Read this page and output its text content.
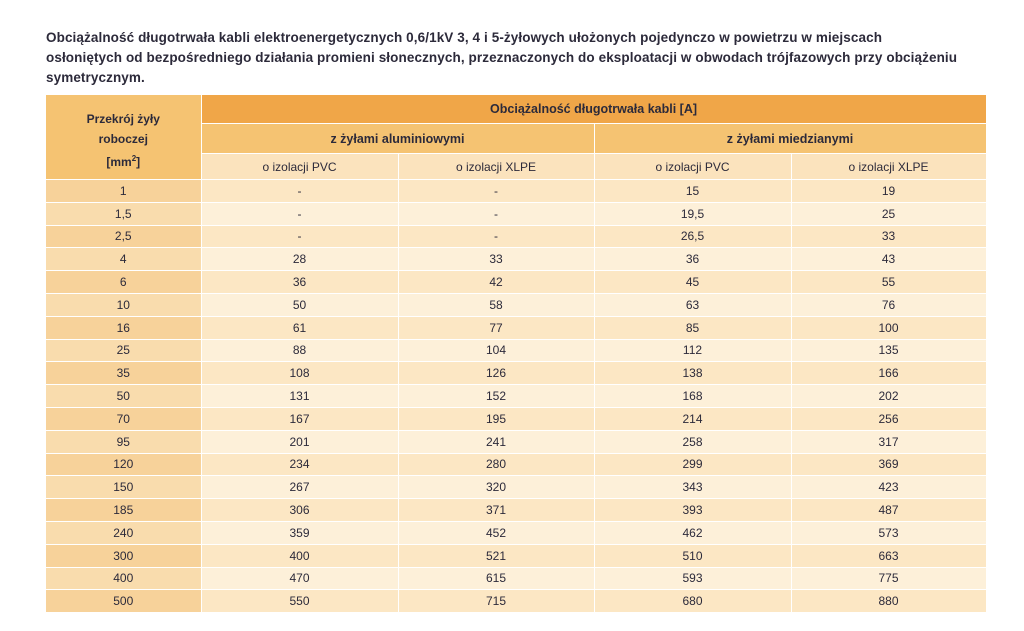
Obciążalność długotrwała kabli elektroenergetycznych 0,6/1kV 3, 4 i 5-żyłowych ułożonych pojedynczo w powietrzu w miejscach
osłoniętych od bezpośredniego działania promieni słonecznych, przeznaczonych do eksploatacji w obwodach trójfazowych przy obciążeniu
symetrycznym.
Przekrój żyły
roboczej
$[mm^2]$	Obciążalność długotrwała kabli [A]			
	z żyłami aluminiowymi		z żyłami miedzianymi	
	o izolacji PVC	o izolacji XLPE	o izolacji PVC	o izolacji XLPE
1	-	-	15	19
1,5	-	-	19,5	25
2,5	-	-	26,5	33
4	28	33	36	43
6	36	42	45	55
10	50	58	63	76
16	61	77	85	100
25	88	104	112	135
35	108	126	138	166
50	131	152	168	202
70	167	195	214	256
95	201	241	258	317
120	234	280	299	369
150	267	320	343	423
185	306	371	393	487
240	359	452	462	573
300	400	521	510	663
400	470	615	593	775
500	550	715	680	880
